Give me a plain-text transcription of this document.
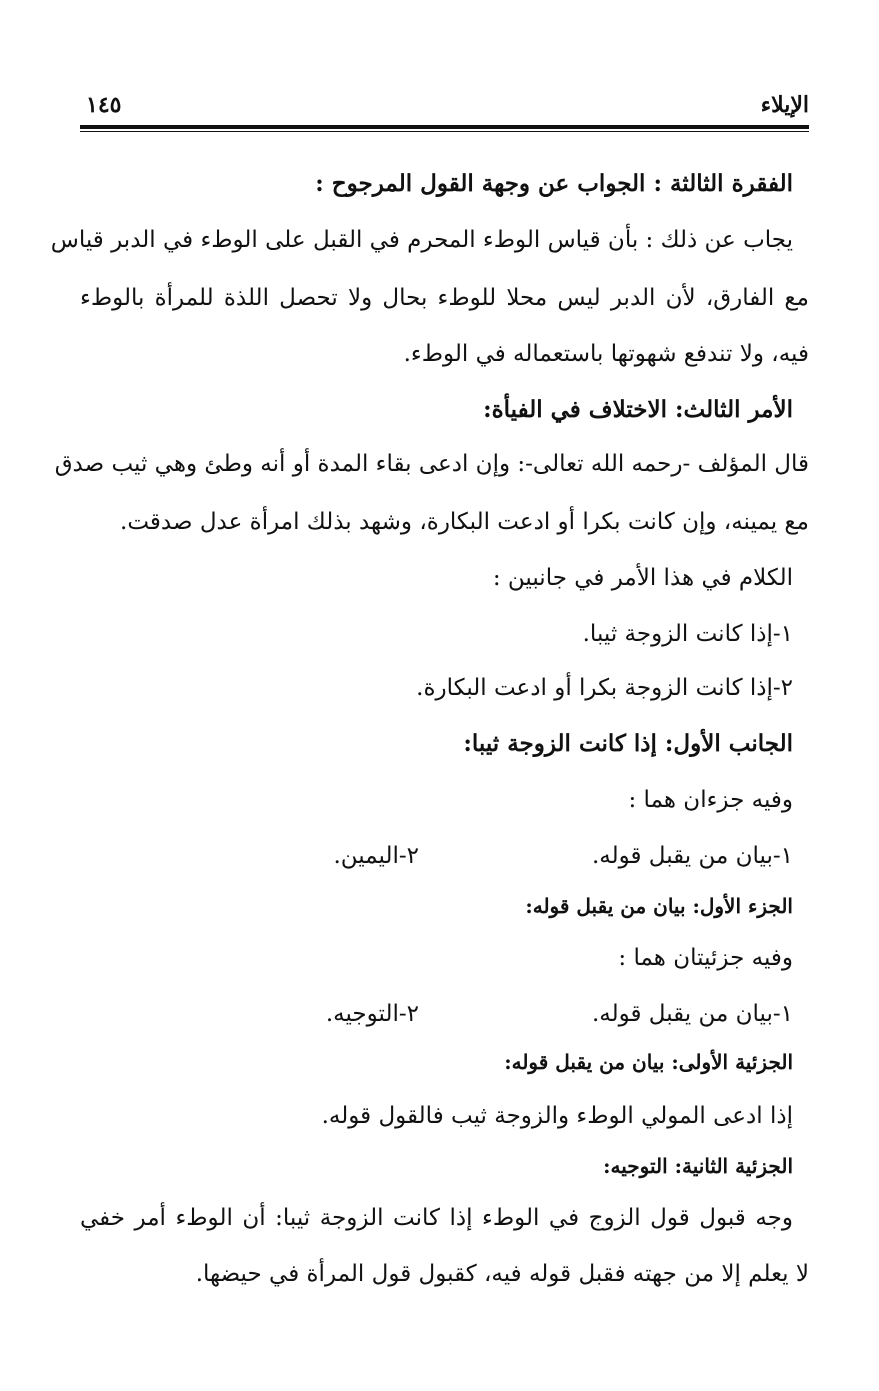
الإيلاء
١٤٥
الفقرة الثالثة : الجواب عن وجهة القول المرجوح :
يجاب عن ذلك : بأن قياس الوطء المحرم في القبل على الوطء في الدبر قياس
مع الفارق، لأن الدبر ليس محلا للوطء بحال ولا تحصل اللذة للمرأة بالوطء
فيه، ولا تندفع شهوتها باستعماله في الوطء.
الأمر الثالث: الاختلاف في الفيأة:
قال المؤلف -رحمه الله تعالى-: وإن ادعى بقاء المدة أو أنه وطئ وهي ثيب صدق
مع يمينه، وإن كانت بكرا أو ادعت البكارة، وشهد بذلك امرأة عدل صدقت.
الكلام في هذا الأمر في جانبين :
١-إذا كانت الزوجة ثيبا.
٢-إذا كانت الزوجة بكرا أو ادعت البكارة.
الجانب الأول: إذا كانت الزوجة ثيبا:
وفيه جزءان هما :
١-بيان من يقبل قوله.
٢-اليمين.
الجزء الأول: بيان من يقبل قوله:
وفيه جزئيتان هما :
١-بيان من يقبل قوله.
٢-التوجيه.
الجزئية الأولى: بيان من يقبل قوله:
إذا ادعى المولي الوطء والزوجة ثيب فالقول قوله.
الجزئية الثانية: التوجيه:
وجه قبول قول الزوج في الوطء إذا كانت الزوجة ثيبا: أن الوطء أمر خفي
لا يعلم إلا من جهته فقبل قوله فيه، كقبول قول المرأة في حيضها.
